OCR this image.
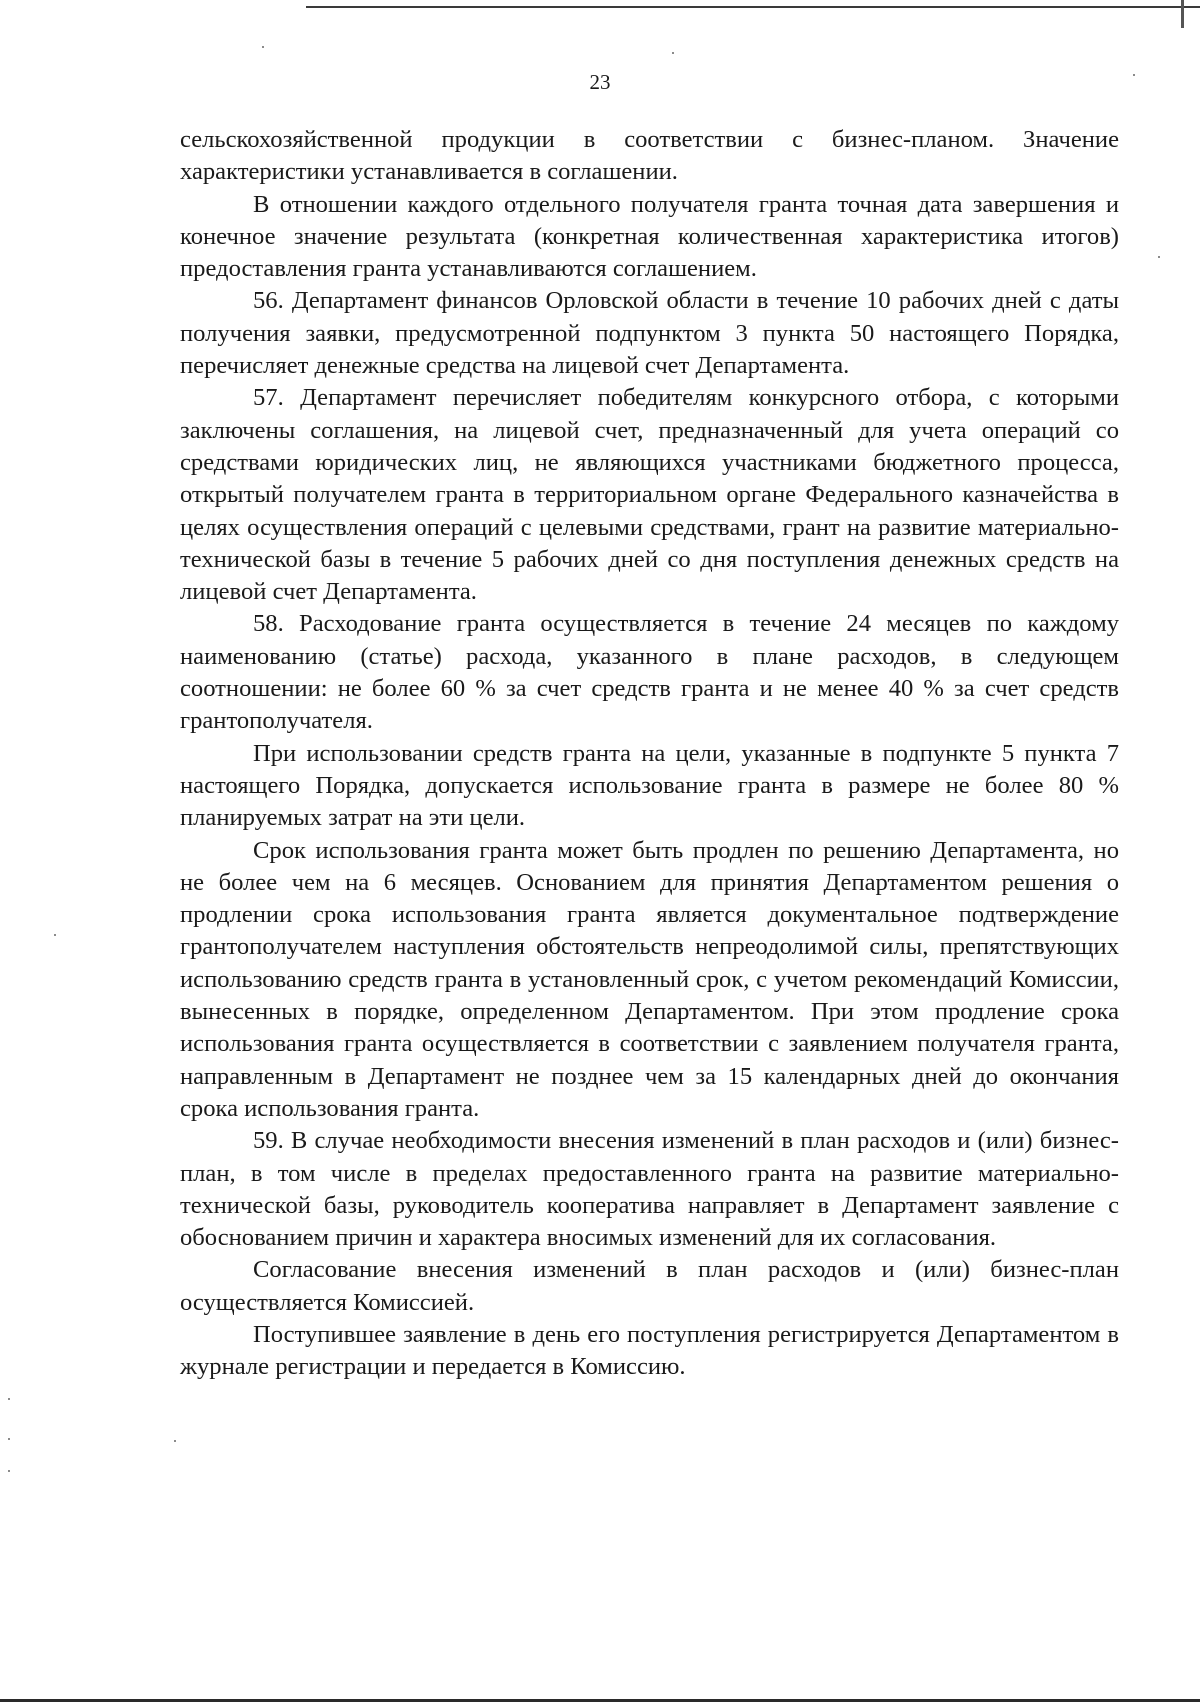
23

сельскохозяйственной продукции в соответствии с бизнес-планом. Значение характеристики устанавливается в соглашении.

В отношении каждого отдельного получателя гранта точная дата завершения и конечное значение результата (конкретная количественная характеристика итогов) предоставления гранта устанавливаются соглашением.

56. Департамент финансов Орловской области в течение 10 рабочих дней с даты получения заявки, предусмотренной подпунктом 3 пункта 50 настоящего Порядка, перечисляет денежные средства на лицевой счет Департамента.

57. Департамент перечисляет победителям конкурсного отбора, с которыми заключены соглашения, на лицевой счет, предназначенный для учета операций со средствами юридических лиц, не являющихся участниками бюджетного процесса, открытый получателем гранта в территориальном органе Федерального казначейства в целях осуществления операций с целевыми средствами, грант на развитие материально-технической базы в течение 5 рабочих дней со дня поступления денежных средств на лицевой счет Департамента.

58. Расходование гранта осуществляется в течение 24 месяцев по каждому наименованию (статье) расхода, указанного в плане расходов, в следующем соотношении: не более 60 % за счет средств гранта и не менее 40 % за счет средств грантополучателя.

При использовании средств гранта на цели, указанные в подпункте 5 пункта 7 настоящего Порядка, допускается использование гранта в размере не более 80 % планируемых затрат на эти цели.

Срок использования гранта может быть продлен по решению Департамента, но не более чем на 6 месяцев. Основанием для принятия Департаментом решения о продлении срока использования гранта является документальное подтверждение грантополучателем наступления обстоятельств непреодолимой силы, препятствующих использованию средств гранта в установленный срок, с учетом рекомендаций Комиссии, вынесенных в порядке, определенном Департаментом. При этом продление срока использования гранта осуществляется в соответствии с заявлением получателя гранта, направленным в Департамент не позднее чем за 15 календарных дней до окончания срока использования гранта.

59. В случае необходимости внесения изменений в план расходов и (или) бизнес-план, в том числе в пределах предоставленного гранта на развитие материально-технической базы, руководитель кооператива направляет в Департамент заявление с обоснованием причин и характера вносимых изменений для их согласования.

Согласование внесения изменений в план расходов и (или) бизнес-план осуществляется Комиссией.

Поступившее заявление в день его поступления регистрируется Департаментом в журнале регистрации и передается в Комиссию.
